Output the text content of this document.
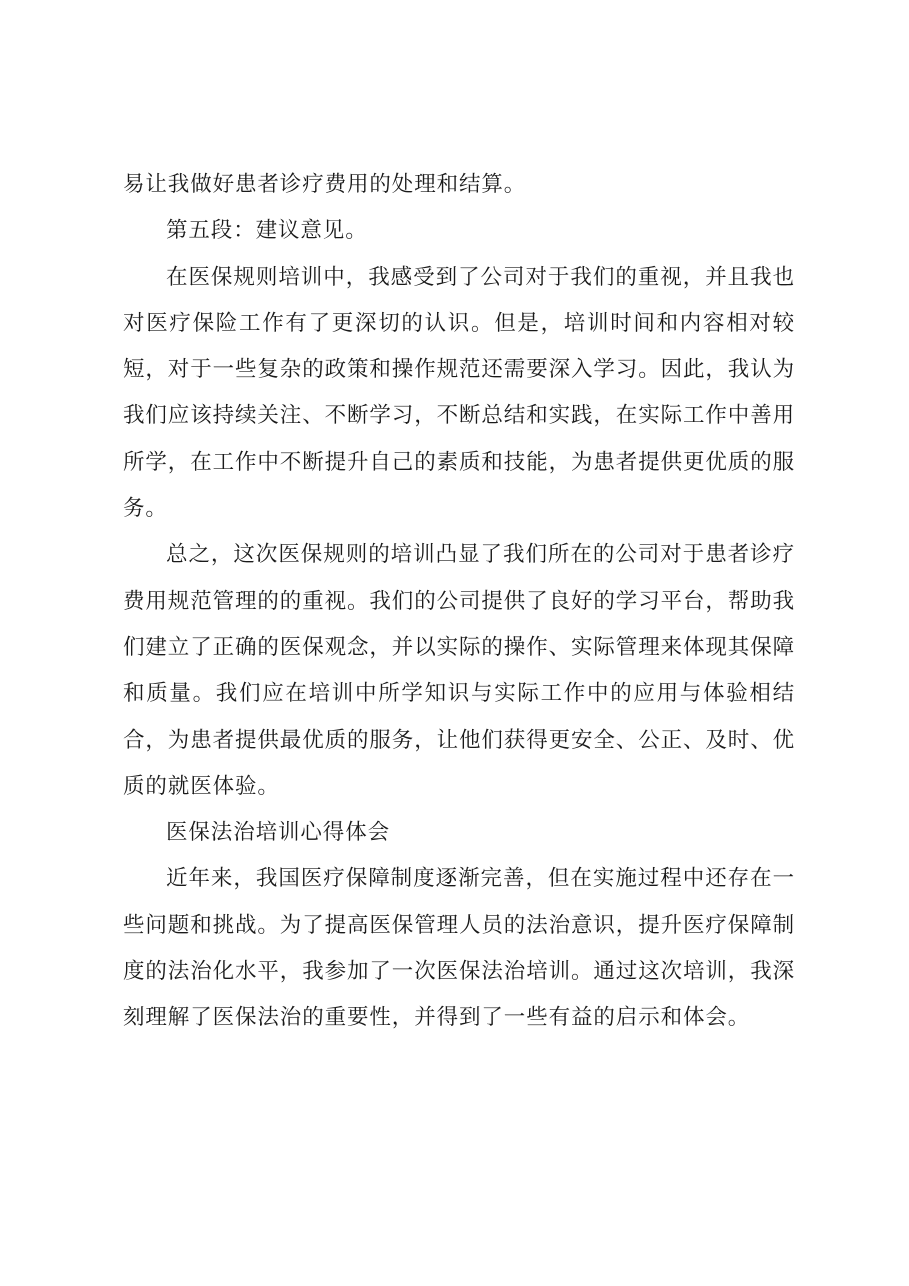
易让我做好患者诊疗费用的处理和结算。

第五段：建议意见。

在医保规则培训中，我感受到了公司对于我们的重视，并且我也对医疗保险工作有了更深切的认识。但是，培训时间和内容相对较短，对于一些复杂的政策和操作规范还需要深入学习。因此，我认为我们应该持续关注、不断学习，不断总结和实践，在实际工作中善用所学，在工作中不断提升自己的素质和技能，为患者提供更优质的服务。

总之，这次医保规则的培训凸显了我们所在的公司对于患者诊疗费用规范管理的的重视。我们的公司提供了良好的学习平台，帮助我们建立了正确的医保观念，并以实际的操作、实际管理来体现其保障和质量。我们应在培训中所学知识与实际工作中的应用与体验相结合，为患者提供最优质的服务，让他们获得更安全、公正、及时、优质的就医体验。

医保法治培训心得体会

近年来，我国医疗保障制度逐渐完善，但在实施过程中还存在一些问题和挑战。为了提高医保管理人员的法治意识，提升医疗保障制度的法治化水平，我参加了一次医保法治培训。通过这次培训，我深刻理解了医保法治的重要性，并得到了一些有益的启示和体会。
